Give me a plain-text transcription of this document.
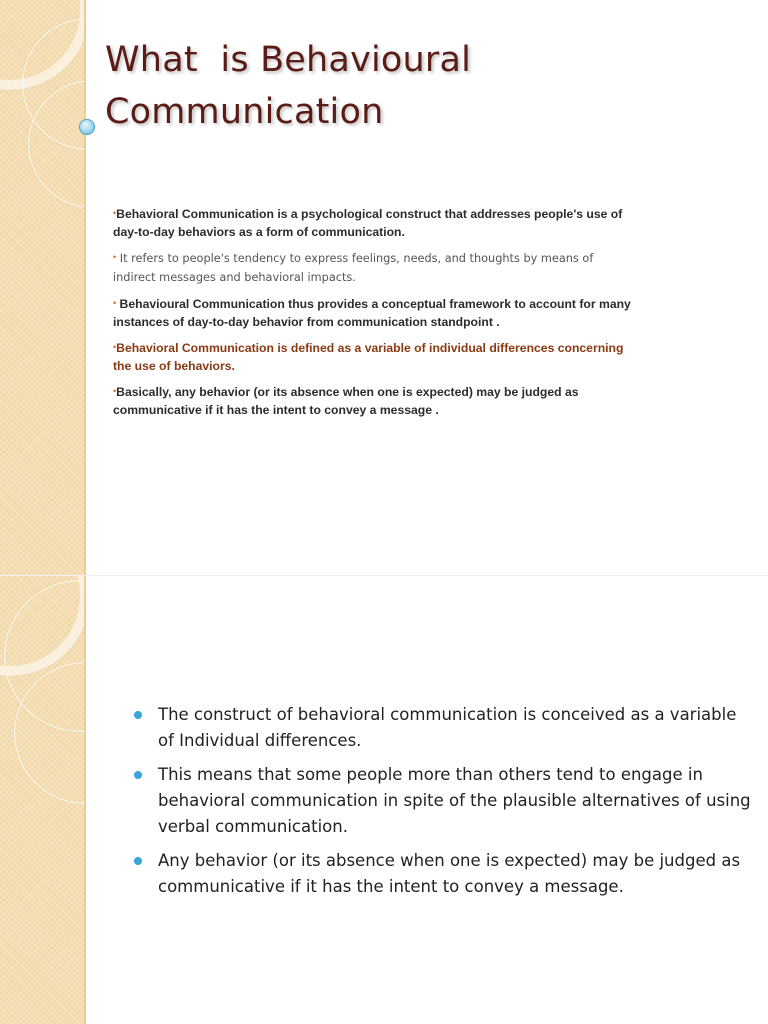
What  is Behavioural
Communication

•Behavioral Communication is a psychological construct that addresses people's use of day-to-day behaviors as a form of communication.

• It refers to people's tendency to express feelings, needs, and thoughts by means of indirect messages and behavioral impacts.

• Behavioural Communication thus provides a conceptual framework to account for many instances of day-to-day behavior from communication standpoint .

•Behavioral Communication is defined as a variable of individual differences concerning the use of behaviors.

•Basically, any behavior (or its absence when one is expected) may be judged as communicative if it has the intent to convey a message .

The construct of behavioral communication is conceived as a variable of Individual differences.
This means that some people more than others tend to engage in behavioral communication in spite of the plausible alternatives of using verbal communication.
Any behavior (or its absence when one is expected) may be judged as communicative if it has the intent to convey a message.
